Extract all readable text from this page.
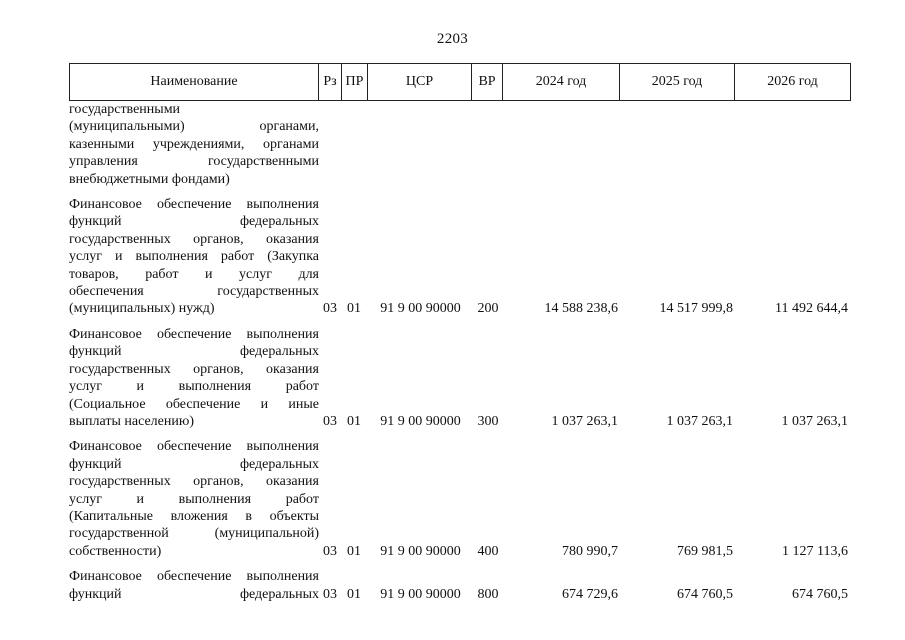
2203
Наименование	Рз	ПР	ЦСР	ВР	2024 год	2025 год	2026 год
государственными
(муниципальными) органами,
казенными учреждениями, органами
управления государственными
внебюджетными фондами)
Финансовое обеспечение выполнения
функций федеральных
государственных органов, оказания
услуг и выполнения работ (Закупка
товаров, работ и услуг для
обеспечения государственных
(муниципальных) нужд)	03 01	91 9 00 90000	200	14 588 238,6	14 517 999,8	11 492 644,4
Финансовое обеспечение выполнения
функций федеральных
государственных органов, оказания
услуг и выполнения работ
(Социальное обеспечение и иные
выплаты населению)	03 01	91 9 00 90000	300	1 037 263,1	1 037 263,1	1 037 263,1
Финансовое обеспечение выполнения
функций федеральных
государственных органов, оказания
услуг и выполнения работ
(Капитальные вложения в объекты
государственной (муниципальной)
собственности)	03 01	91 9 00 90000	400	780 990,7	769 981,5	1 127 113,6
Финансовое обеспечение выполнения
функций федеральных 03 01	91 9 00 90000	800	674 729,6	674 760,5	674 760,5
